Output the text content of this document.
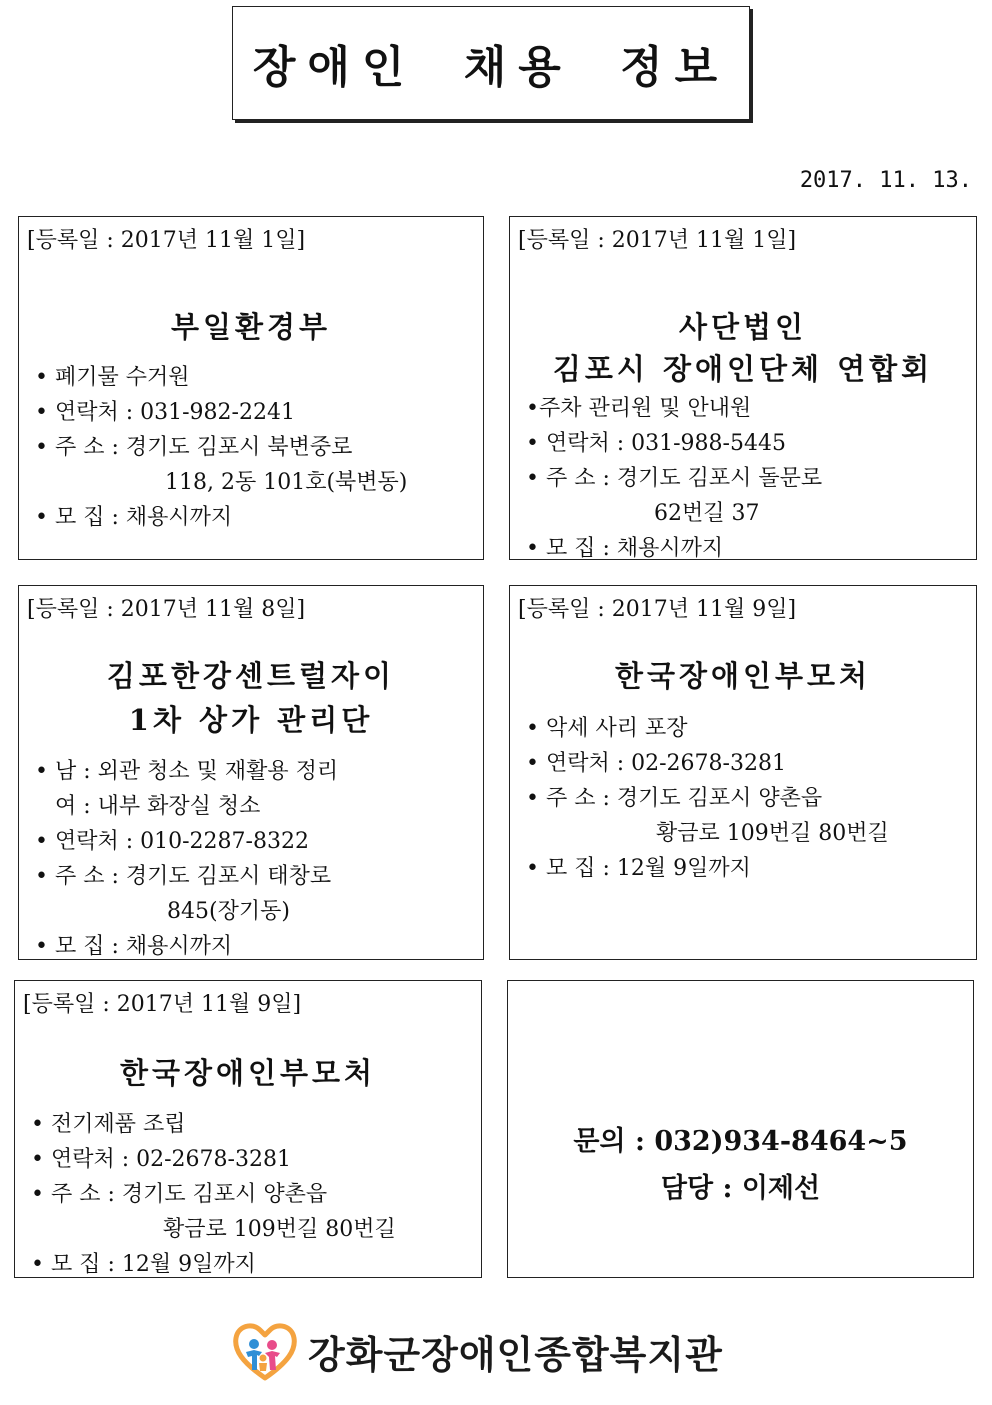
장애인 채용 정보
2017. 11. 13.
[등록일 : 2017년 11월 1일]
부일환경부
• 폐기물 수거원
• 연락처 : 031-982-2241
• 주 소 : 경기도 김포시 북변중로
118, 2동 101호(북변동)
• 모 집 : 채용시까지
[등록일 : 2017년 11월 1일]
사단법인
김포시 장애인단체 연합회
•주차 관리원 및 안내원
• 연락처 : 031-988-5445
• 주 소 : 경기도 김포시 돌문로
62번길 37
• 모 집 : 채용시까지
[등록일 : 2017년 11월 8일]
김포한강센트럴자이
1차 상가 관리단
• 남 : 외관 청소 및 재활용 정리
여 : 내부 화장실 청소
• 연락처 : 010-2287-8322
• 주 소 : 경기도 김포시 태창로
845(장기동)
• 모 집 : 채용시까지
[등록일 : 2017년 11월 9일]
한국장애인부모처
• 악세 사리 포장
• 연락처 : 02-2678-3281
• 주 소 : 경기도 김포시 양촌읍
황금로 109번길 80번길
• 모 집 : 12월 9일까지
[등록일 : 2017년 11월 9일]
한국장애인부모처
• 전기제품 조립
• 연락처 : 02-2678-3281
• 주 소 : 경기도 김포시 양촌읍
황금로 109번길 80번길
• 모 집 : 12월 9일까지
문의 : 032)934-8464~5
담당 : 이제선
강화군장애인종합복지관
